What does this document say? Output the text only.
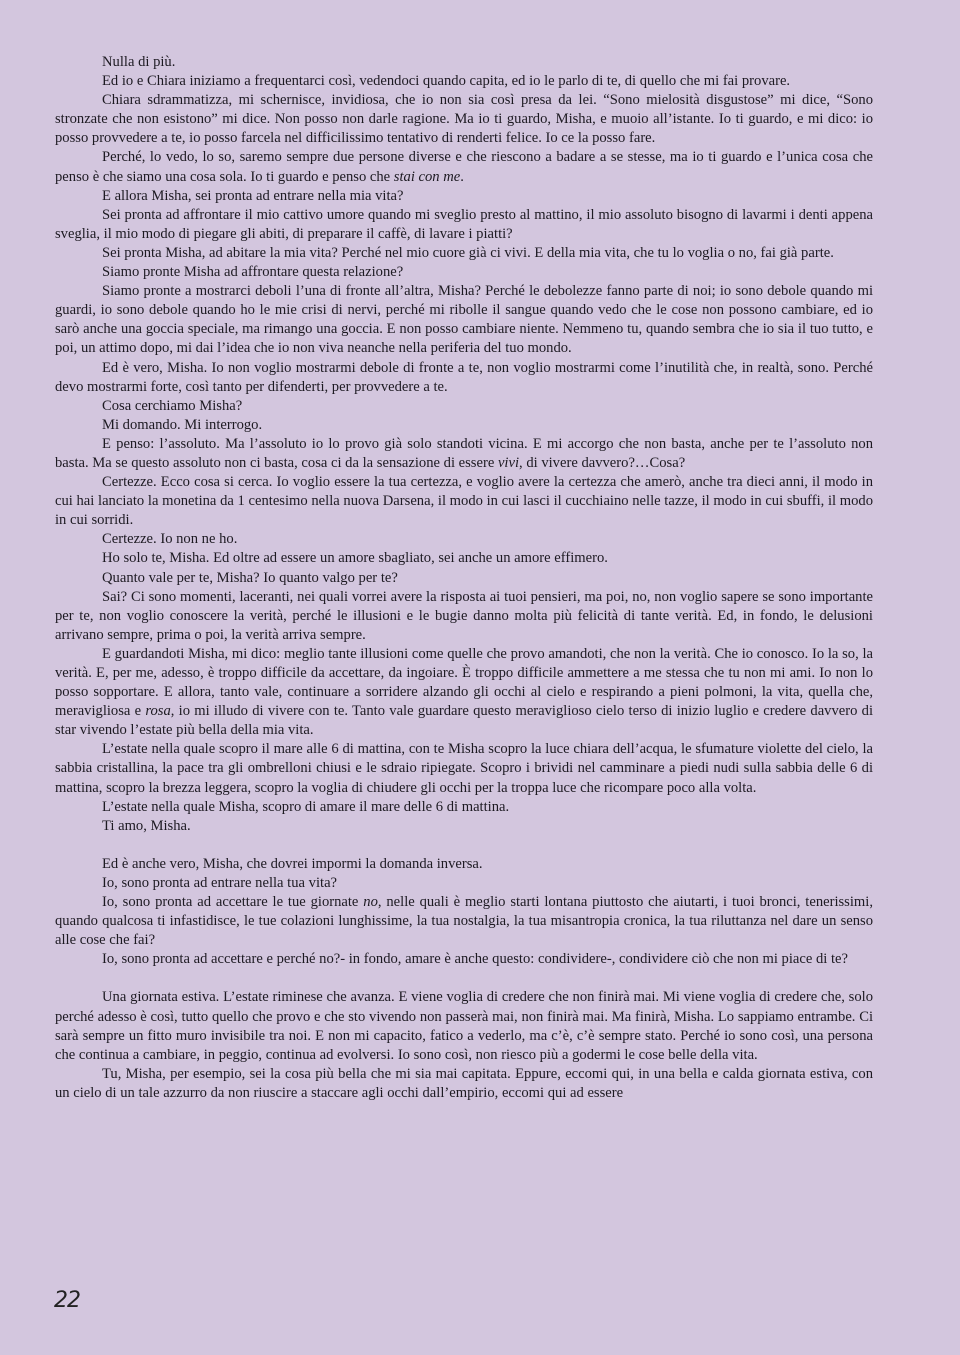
Nulla di più.

Ed io e Chiara iniziamo a frequentarci così, vedendoci quando capita, ed io le parlo di te, di quello che mi fai provare.

Chiara sdrammatizza, mi schernisce, invidiosa, che io non sia così presa da lei. “Sono mielosità disgustose” mi dice, “Sono stronzate che non esistono” mi dice. Non posso non darle ragione. Ma io ti guardo, Misha, e muoio all’istante. Io ti guardo, e mi dico: io posso provvedere a te, io posso farcela nel difficilissimo tentativo di renderti felice. Io ce la posso fare.

Perché, lo vedo, lo so, saremo sempre due persone diverse e che riescono a badare a se stesse, ma io ti guardo e l’unica cosa che penso è che siamo una cosa sola. Io ti guardo e penso che stai con me.

E allora Misha, sei pronta ad entrare nella mia vita?

Sei pronta ad affrontare il mio cattivo umore quando mi sveglio presto al mattino, il mio assoluto bisogno di lavarmi i denti appena sveglia, il mio modo di piegare gli abiti, di preparare il caffè, di lavare i piatti?

Sei pronta Misha, ad abitare la mia vita? Perché nel mio cuore già ci vivi. E della mia vita, che tu lo voglia o no, fai già parte.

Siamo pronte Misha ad affrontare questa relazione?

Siamo pronte a mostrarci deboli l’una di fronte all’altra, Misha? Perché le debolezze fanno parte di noi; io sono debole quando mi guardi, io sono debole quando ho le mie crisi di nervi, perché mi ribolle il sangue quando vedo che le cose non possono cambiare, ed io sarò anche una goccia speciale, ma rimango una goccia. E non posso cambiare niente. Nemmeno tu, quando sembra che io sia il tuo tutto, e poi, un attimo dopo, mi dai l’idea che io non viva neanche nella periferia del tuo mondo.

Ed è vero, Misha. Io non voglio mostrarmi debole di fronte a te, non voglio mostrarmi come l’inutilità che, in realtà, sono. Perché devo mostrarmi forte, così tanto per difenderti, per provvedere a te.

Cosa cerchiamo Misha?

Mi domando. Mi interrogo.

E penso: l’assoluto. Ma l’assoluto io lo provo già solo standoti vicina. E mi accorgo che non basta, anche per te l’assoluto non basta. Ma se questo assoluto non ci basta, cosa ci da la sensazione di essere vivi, di vivere davvero?…Cosa?

Certezze. Ecco cosa si cerca. Io voglio essere la tua certezza, e voglio avere la certezza che amerò, anche tra dieci anni, il modo in cui hai lanciato la monetina da 1 centesimo nella nuova Darsena, il modo in cui lasci il cucchiaino nelle tazze, il modo in cui sbuffi, il modo in cui sorridi.

Certezze. Io non ne ho.

Ho solo te, Misha. Ed oltre ad essere un amore sbagliato, sei anche un amore effimero.

Quanto vale per te, Misha? Io quanto valgo per te?

Sai? Ci sono momenti, laceranti, nei quali vorrei avere la risposta ai tuoi pensieri, ma poi, no, non voglio sapere se sono importante per te, non voglio conoscere la verità, perché le illusioni e le bugie danno molta più felicità di tante verità. Ed, in fondo, le delusioni arrivano sempre, prima o poi, la verità arriva sempre.

E guardandoti Misha, mi dico: meglio tante illusioni come quelle che provo amandoti, che non la verità. Che io conosco. Io la so, la verità. E, per me, adesso, è troppo difficile da accettare, da ingoiare. È troppo difficile ammettere a me stessa che tu non mi ami. Io non lo posso sopportare. E allora, tanto vale, continuare a sorridere alzando gli occhi al cielo e respirando a pieni polmoni, la vita, quella che, meravigliosa e rosa, io mi illudo di vivere con te. Tanto vale guardare questo meraviglioso cielo terso di inizio luglio e credere davvero di star vivendo l’estate più bella della mia vita.

L’estate nella quale scopro il mare alle 6 di mattina, con te Misha scopro la luce chiara dell’acqua, le sfumature violette del cielo, la sabbia cristallina, la pace tra gli ombrelloni chiusi e le sdraio ripiegate. Scopro i brividi nel camminare a piedi nudi sulla sabbia delle 6 di mattina, scopro la brezza leggera, scopro la voglia di chiudere gli occhi per la troppa luce che ricompare poco alla volta.

L’estate nella quale Misha, scopro di amare il mare delle 6 di mattina.

Ti amo, Misha.

Ed è anche vero, Misha, che dovrei impormi la domanda inversa.

Io, sono pronta ad entrare nella tua vita?

Io, sono pronta ad accettare le tue giornate no, nelle quali è meglio starti lontana piuttosto che aiutarti, i tuoi bronci, tenerissimi, quando qualcosa ti infastidisce, le tue colazioni lunghissime, la tua nostalgia, la tua misantropia cronica, la tua riluttanza nel dare un senso alle cose che fai?

Io, sono pronta ad accettare e perché no?- in fondo, amare è anche questo: condividere-, condividere ciò che non mi piace di te?

Una giornata estiva. L’estate riminese che avanza. E viene voglia di credere che non finirà mai. Mi viene voglia di credere che, solo perché adesso è così, tutto quello che provo e che sto vivendo non passerà mai, non finirà mai. Ma finirà, Misha. Lo sappiamo entrambe. Ci sarà sempre un fitto muro invisibile tra noi. E non mi capacito, fatico a vederlo, ma c’è, c’è sempre stato. Perché io sono così, una persona che continua a cambiare, in peggio, continua ad evolversi. Io sono così, non riesco più a godermi le cose belle della vita.

Tu, Misha, per esempio, sei la cosa più bella che mi sia mai capitata. Eppure, eccomi qui, in una bella e calda giornata estiva, con un cielo di un tale azzurro da non riuscire a staccare agli occhi dall’empirio, eccomi qui ad essere

22
